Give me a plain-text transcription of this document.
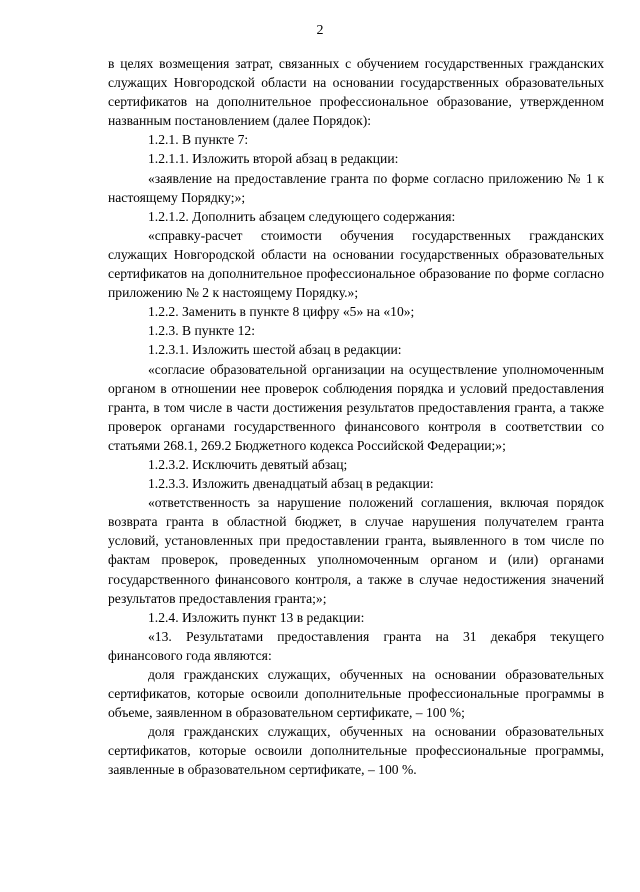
2

в целях возмещения затрат, связанных с обучением государственных гражданских служащих Новгородской области на основании государственных образовательных сертификатов на дополнительное профессиональное образование, утвержденном названным постановлением (далее Порядок):

1.2.1. В пункте 7:

1.2.1.1. Изложить второй абзац в редакции:

«заявление на предоставление гранта по форме согласно приложению № 1 к настоящему Порядку;»;

1.2.1.2. Дополнить абзацем следующего содержания:

«справку-расчет стоимости обучения государственных гражданских служащих Новгородской области на основании государственных образовательных сертификатов на дополнительное профессиональное образование по форме согласно приложению № 2 к настоящему Порядку.»;

1.2.2. Заменить в пункте 8 цифру «5» на «10»;

1.2.3. В пункте 12:

1.2.3.1. Изложить шестой абзац в редакции:

«согласие образовательной организации на осуществление уполномоченным органом в отношении нее проверок соблюдения порядка и условий предоставления гранта, в том числе в части достижения результатов предоставления гранта, а также проверок органами государственного финансового контроля в соответствии со статьями 268.1, 269.2 Бюджетного кодекса Российской Федерации;»;

1.2.3.2. Исключить девятый абзац;

1.2.3.3. Изложить двенадцатый абзац в редакции:

«ответственность за нарушение положений соглашения, включая порядок возврата гранта в областной бюджет, в случае нарушения получателем гранта условий, установленных при предоставлении гранта, выявленного в том числе по фактам проверок, проведенных уполномоченным органом и (или) органами государственного финансового контроля, а также в случае недостижения значений результатов предоставления гранта;»;

1.2.4. Изложить пункт 13 в редакции:

«13. Результатами предоставления гранта на 31 декабря текущего финансового года являются:

доля гражданских служащих, обученных на основании образовательных сертификатов, которые освоили дополнительные профессиональные программы в объеме, заявленном в образовательном сертификате, – 100 %;

доля гражданских служащих, обученных на основании образовательных сертификатов, которые освоили дополнительные профессиональные программы, заявленные в образовательном сертификате, – 100 %.
